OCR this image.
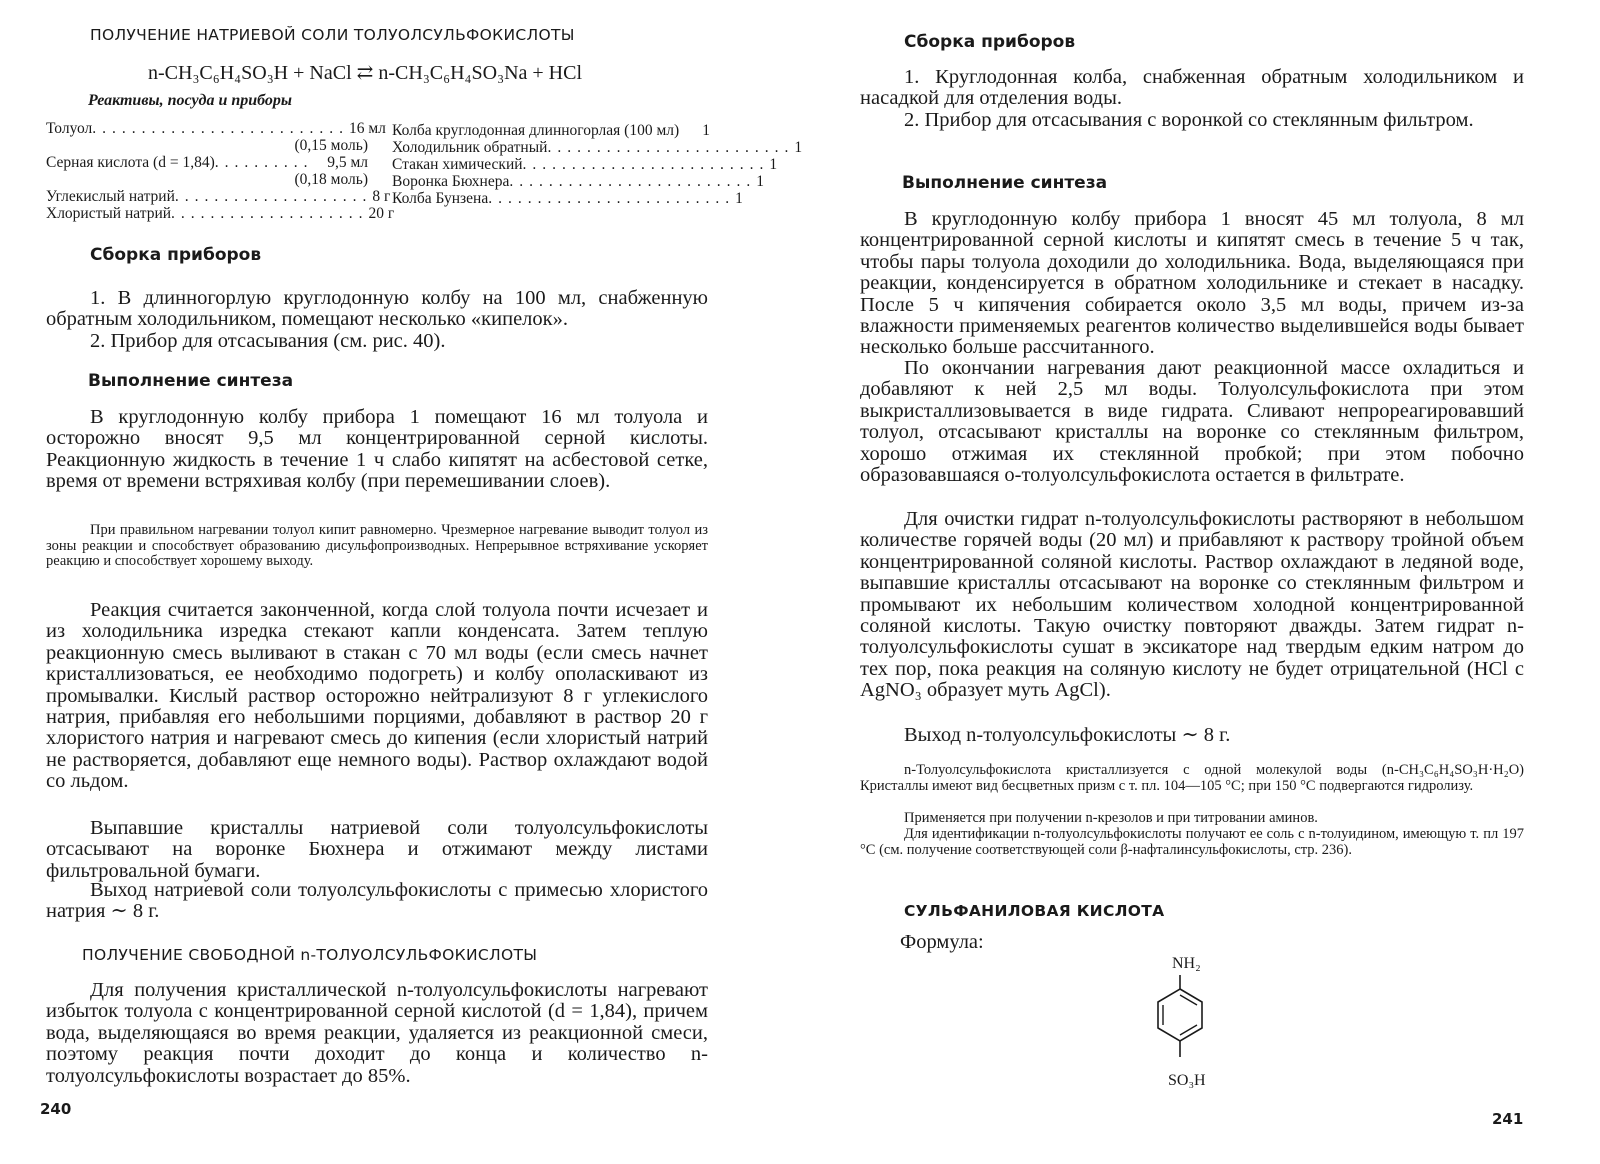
ПОЛУЧЕНИЕ НАТРИЕВОЙ СОЛИ ТОЛУОЛСУЛЬФОКИСЛОТЫ
n-CH₃C₆H₄SO₃H + NaCl ⇄ n-CH₃C₆H₄SO₃Na + HCl
Реактивы, посуда и приборы
Толуол .......................... 16 мл
(0,15 моль)
Серная кислота (d = 1,84) .......... 9,5 мл
(0,18 моль)
Углекислый натрий .................... 8 г
Хлористый натрий .................... 20 г
Колба круглодонная длинногорлая (100 мл) 1
Холодильник обратный ......................... 1
Стакан химический ......................... 1
Воронка Бюхнера ......................... 1
Колба Бунзена ......................... 1
Сборка приборов
1. В длинногорлую круглодонную колбу на 100 мл, снабженную обратным холодильником, помещают несколько «кипелок».
2. Прибор для отсасывания (см. рис. 40).
Выполнение синтеза
В круглодонную колбу прибора 1 помещают 16 мл толуола и осторожно вносят 9,5 мл концентрированной серной кислоты. Реакционную жидкость в течение 1 ч слабо кипятят на асбестовой сетке, время от времени встряхивая колбу (при перемешивании слоев).
При правильном нагревании толуол кипит равномерно. Чрезмерное нагревание выводит толуол из зоны реакции и способствует образованию дисульфопроизводных. Непрерывное встряхивание ускоряет реакцию и способствует хорошему выходу.
Реакция считается законченной, когда слой толуола почти исчезает и из холодильника изредка стекают капли конденсата. Затем теплую реакционную смесь выливают в стакан с 70 мл воды (если смесь начнет кристаллизоваться, ее необходимо подогреть) и колбу ополаскивают из промывалки. Кислый раствор осторожно нейтрализуют 8 г углекислого натрия, прибавляя его небольшими порциями, добавляют в раствор 20 г хлористого натрия и нагревают смесь до кипения (если хлористый натрий не растворяется, добавляют еще немного воды). Раствор охлаждают водой со льдом.
Выпавшие кристаллы натриевой соли толуолсульфокислоты отсасывают на воронке Бюхнера и отжимают между листами фильтровальной бумаги.
Выход натриевой соли толуолсульфокислоты с примесью хлористого натрия ∼ 8 г.
ПОЛУЧЕНИЕ СВОБОДНОЙ n-ТОЛУОЛСУЛЬФОКИСЛОТЫ
Для получения кристаллической n-толуолсульфокислоты нагревают избыток толуола с концентрированной серной кислотой (d = 1,84), причем вода, выделяющаяся во время реакции, удаляется из реакционной смеси, поэтому реакция почти доходит до конца и количество n-толуолсульфокислоты возрастает до 85%.
240
Сборка приборов
1. Круглодонная колба, снабженная обратным холодильником и насадкой для отделения воды.
2. Прибор для отсасывания с воронкой со стеклянным фильтром.
Выполнение синтеза
В круглодонную колбу прибора 1 вносят 45 мл толуола, 8 мл концентрированной серной кислоты и кипятят смесь в течение 5 ч так, чтобы пары толуола доходили до холодильника. Вода, выделяющаяся при реакции, конденсируется в обратном холодильнике и стекает в насадку. После 5 ч кипячения собирается около 3,5 мл воды, причем из-за влажности применяемых реагентов количество выделившейся воды бывает несколько больше рассчитанного.
По окончании нагревания дают реакционной массе охладиться и добавляют к ней 2,5 мл воды. Толуолсульфокислота при этом выкристаллизовывается в виде гидрата. Сливают непрореагировавший толуол, отсасывают кристаллы на воронке со стеклянным фильтром, хорошо отжимая их стеклянной пробкой; при этом побочно образовавшаяся о-толуолсульфокислота остается в фильтрате.
Для очистки гидрат n-толуолсульфокислоты растворяют в небольшом количестве горячей воды (20 мл) и прибавляют к раствору тройной объем концентрированной соляной кислоты. Раствор охлаждают в ледяной воде, выпавшие кристаллы отсасывают на воронке со стеклянным фильтром и промывают их небольшим количеством холодной концентрированной соляной кислоты. Такую очистку повторяют дважды. Затем гидрат n-толуолсульфокислоты сушат в эксикаторе над твердым едким натром до тех пор, пока реакция на соляную кислоту не будет отрицательной (HCl с AgNO₃ образует муть AgCl).
Выход n-толуолсульфокислоты ∼ 8 г.
n-Толуолсульфокислота кристаллизуется с одной молекулой воды (n-CH₃C₆H₄SO₃H·H₂O) Кристаллы имеют вид бесцветных призм с т. пл. 104—105 °С; при 150 °С подвергаются гидролизу.
Применяется при получении n-крезолов и при титровании аминов.
Для идентификации n-толуолсульфокислоты получают ее соль с n-толуидином, имеющую т. пл 197 °С (см. получение соответствующей соли β-нафталинсульфокислоты, стр. 236).
СУЛЬФАНИЛОВАЯ КИСЛОТА
Формула:
NH₂
SO₃H
241
